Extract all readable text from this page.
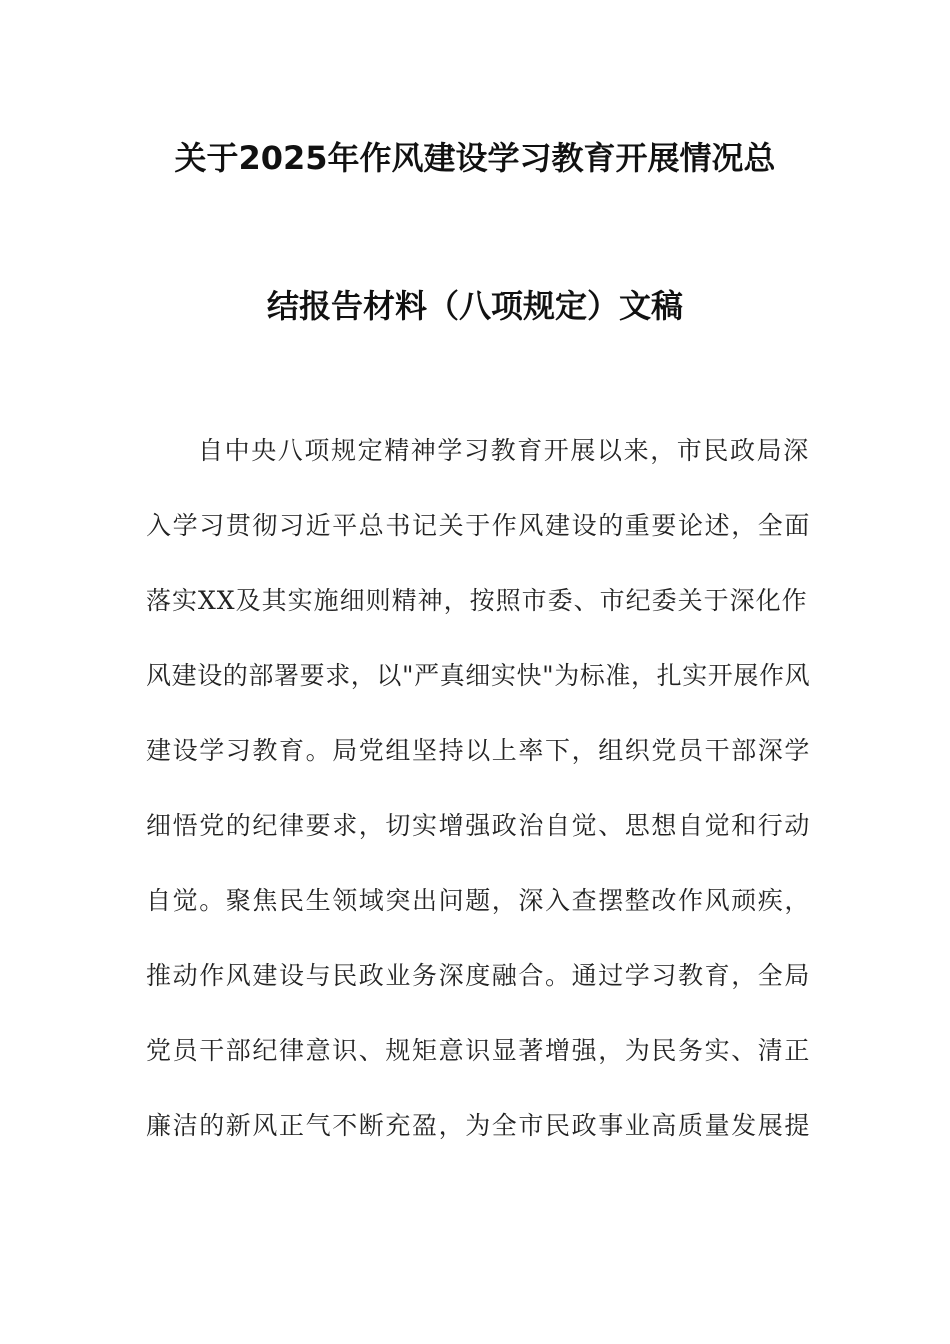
关于2025年作风建设学习教育开展情况总
结报告材料（八项规定）文稿
自中央八项规定精神学习教育开展以来，市民政局深
入学习贯彻习近平总书记关于作风建设的重要论述，全面
落实XX及其实施细则精神，按照市委、市纪委关于深化作
风建设的部署要求，以"严真细实快"为标准，扎实开展作风
建设学习教育。局党组坚持以上率下，组织党员干部深学
细悟党的纪律要求，切实增强政治自觉、思想自觉和行动
自觉。聚焦民生领域突出问题，深入查摆整改作风顽疾，
推动作风建设与民政业务深度融合。通过学习教育，全局
党员干部纪律意识、规矩意识显著增强，为民务实、清正
廉洁的新风正气不断充盈，为全市民政事业高质量发展提
